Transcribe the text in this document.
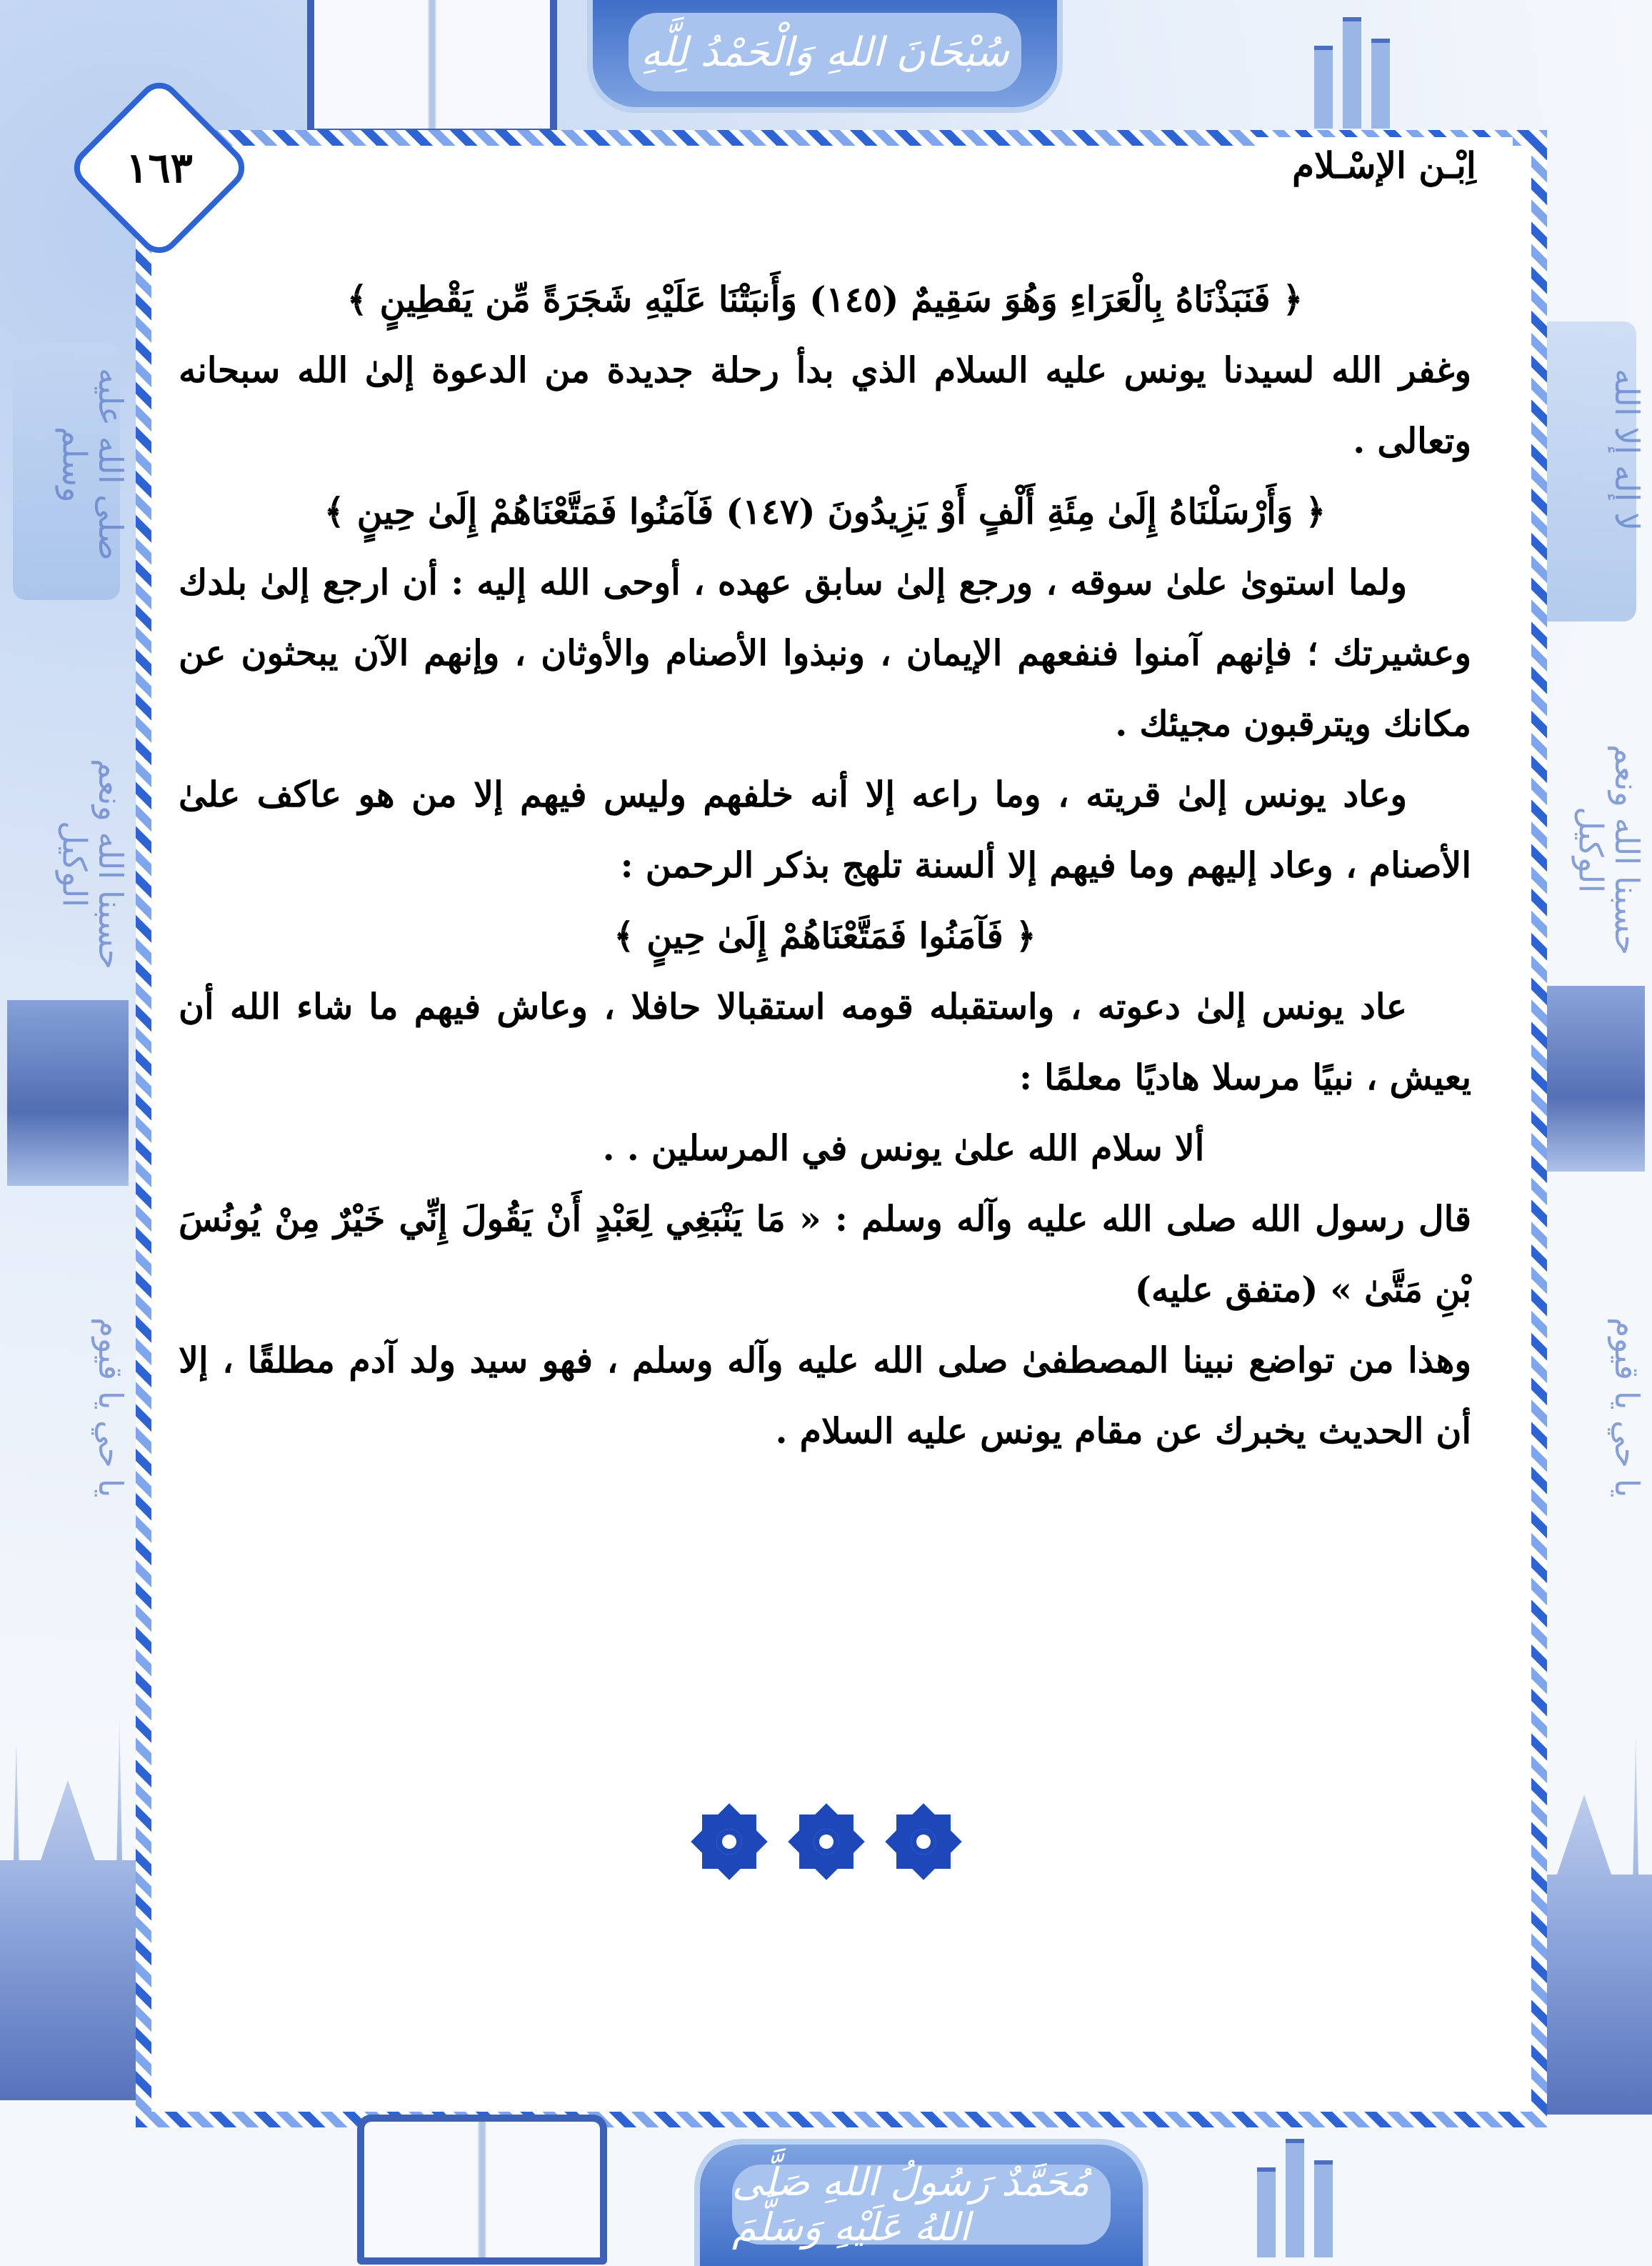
صلى الله عليه وسلم
حسبنا الله ونعم الوكيل
يا حي يا قيوم
لا إله إلا الله
حسبنا الله ونعم الوكيل
يا حي يا قيوم
سُبْحَانَ اللهِ وَالْحَمْدُ لِلَّهِ
١٦٣	اِبْـن الإسْـلام

﴿ فَنَبَذْنَاهُ بِالْعَرَاءِ وَهُوَ سَقِيمٌ (١٤٥) وَأَنبَتْنَا عَلَيْهِ شَجَرَةً مِّن يَقْطِينٍ ﴾

وغفر الله لسيدنا يونس عليه السلام الذي بدأ رحلة جديدة من الدعوة إلىٰ الله سبحانه وتعالى .

﴿ وَأَرْسَلْنَاهُ إِلَىٰ مِئَةِ أَلْفٍ أَوْ يَزِيدُونَ (١٤٧) فَآمَنُوا فَمَتَّعْنَاهُمْ إِلَىٰ حِينٍ ﴾

ولما استوىٰ علىٰ سوقه ، ورجع إلىٰ سابق عهده ، أوحى الله إليه : أن ارجع إلىٰ بلدك وعشيرتك ؛ فإنهم آمنوا فنفعهم الإيمان ، ونبذوا الأصنام والأوثان ، وإنهم الآن يبحثون عن مكانك ويترقبون مجيئك .

وعاد يونس إلىٰ قريته ، وما راعه إلا أنه خلفهم وليس فيهم إلا من هو عاكف علىٰ الأصنام ، وعاد إليهم وما فيهم إلا ألسنة تلهج بذكر الرحمن :

﴿ فَآمَنُوا فَمَتَّعْنَاهُمْ إِلَىٰ حِينٍ ﴾

عاد يونس إلىٰ دعوته ، واستقبله قومه استقبالا حافلا ، وعاش فيهم ما شاء الله أن يعيش ، نبيًا مرسلا هاديًا معلمًا :

ألا سلام الله علىٰ يونس في المرسلين . .

قال رسول الله صلى الله عليه وآله وسلم : « مَا يَنْبَغِي لِعَبْدٍ أَنْ يَقُولَ إِنِّي خَيْرٌ مِنْ يُونُسَ بْنِ مَتَّىٰ » (متفق عليه)

وهذا من تواضع نبينا المصطفىٰ صلى الله عليه وآله وسلم ، فهو سيد ولد آدم مطلقًا ، إلا أن الحديث يخبرك عن مقام يونس عليه السلام .

مُحَمَّدٌ رَسُولُ اللهِ صَلَّى اللهُ عَلَيْهِ وَسَلَّمَ
